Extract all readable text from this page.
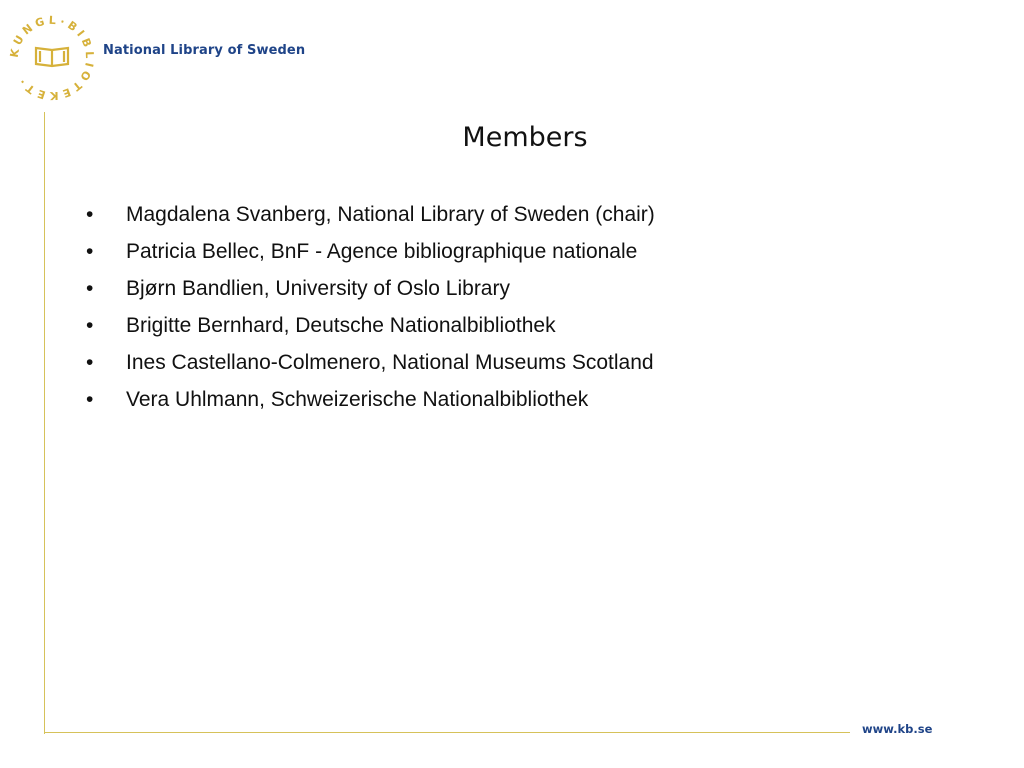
KUNGL·BIBLIOTEKET·
National Library of Sweden
Members
•	Magdalena Svanberg, National Library of Sweden (chair)
•	Patricia Bellec, BnF - Agence bibliographique nationale
•	Bjørn Bandlien, University of Oslo Library
•	Brigitte Bernhard, Deutsche Nationalbibliothek
•	Ines Castellano-Colmenero, National Museums Scotland
•	Vera Uhlmann, Schweizerische Nationalbibliothek
www.kb.se
